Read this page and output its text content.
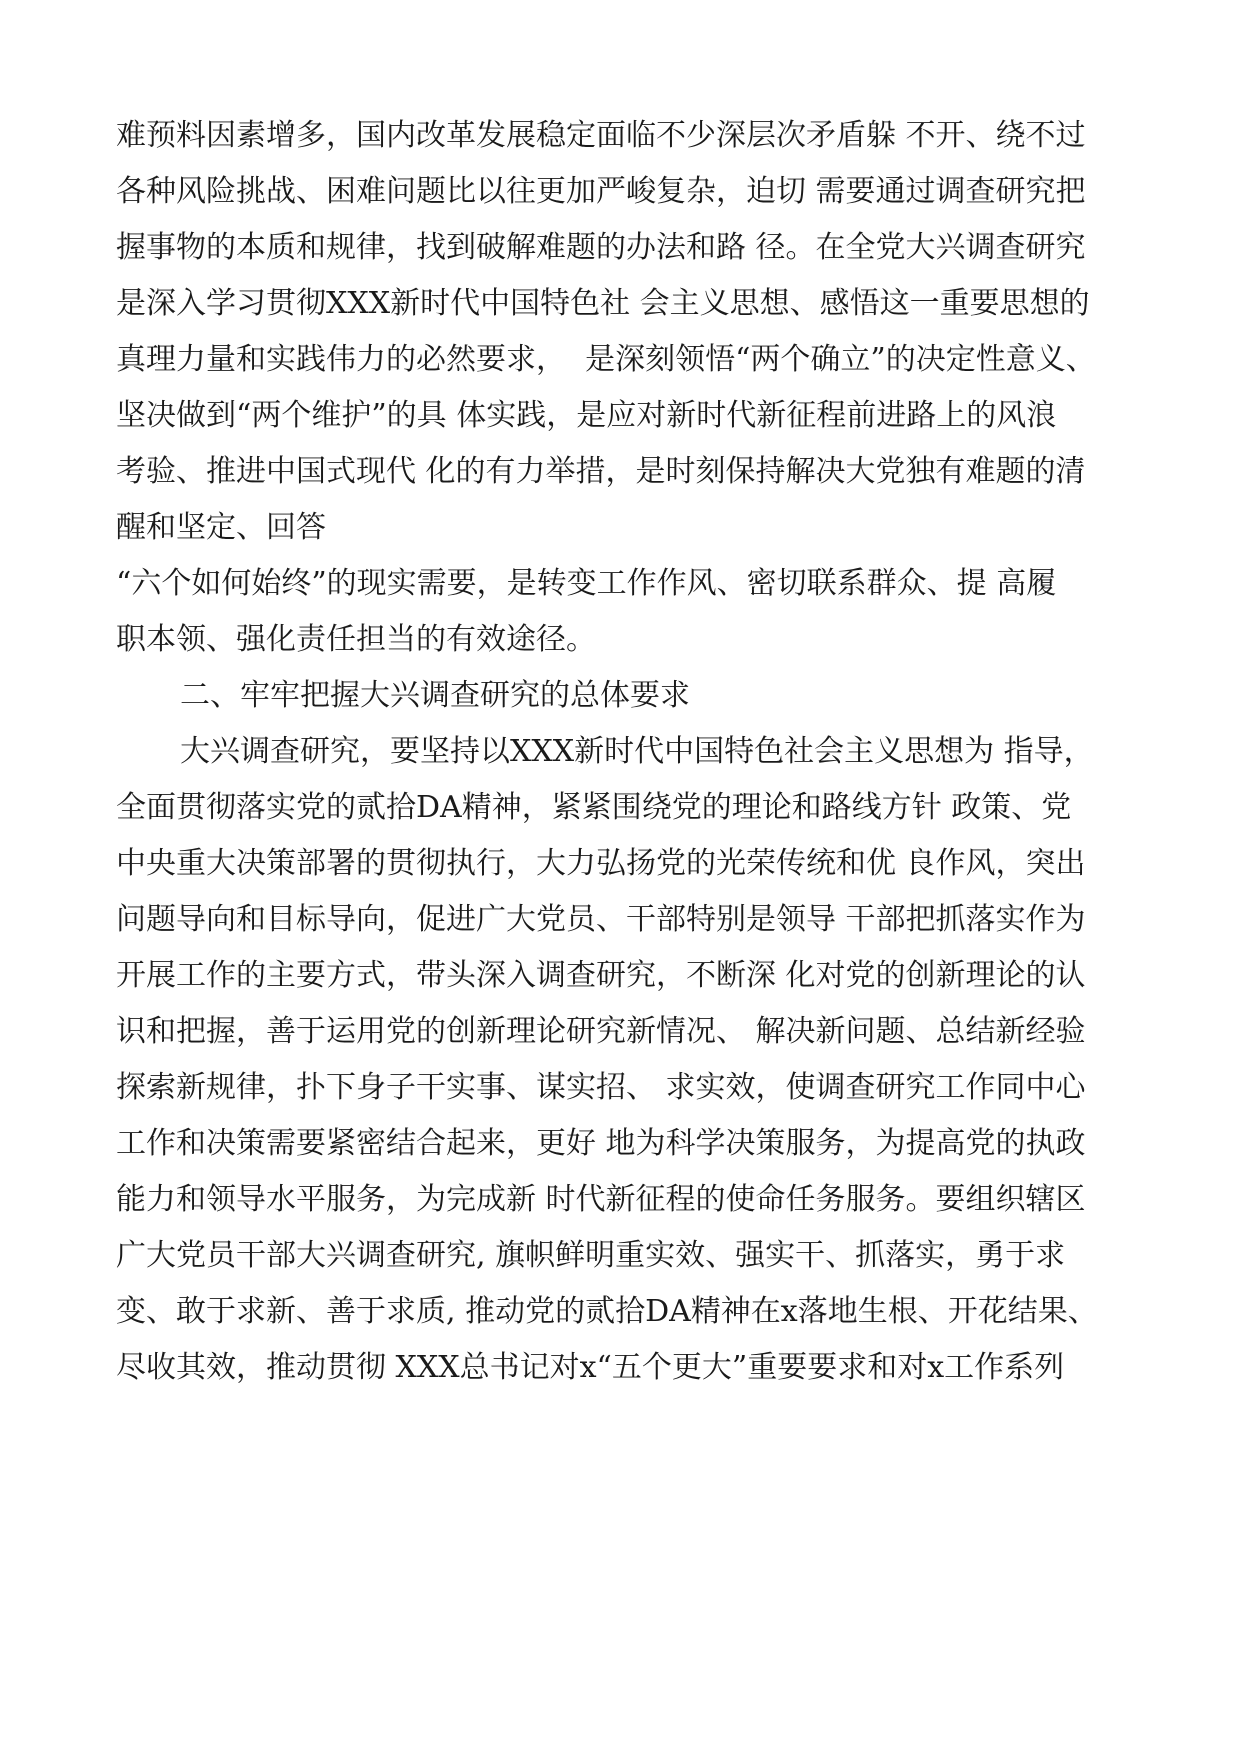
难预料因素增多，国内改革发展稳定面临不少深层次矛盾躲 不开、绕不过
各种风险挑战、困难问题比以往更加严峻复杂，迫切 需要通过调查研究把
握事物的本质和规律，找到破解难题的办法和路 径。在全党大兴调查研究
是深入学习贯彻XXX新时代中国特色社 会主义思想、感悟这一重要思想的
真理力量和实践伟力的必然要求，  是深刻领悟“两个确立”的决定性意义、
坚决做到“两个维护”的具 体实践，是应对新时代新征程前进路上的风浪
考验、推进中国式现代 化的有力举措，是时刻保持解决大党独有难题的清
醒和坚定、回答
“六个如何始终”的现实需要，是转变工作作风、密切联系群众、提 高履
职本领、强化责任担当的有效途径。
二、牢牢把握大兴调查研究的总体要求
大兴调查研究，要坚持以XXX新时代中国特色社会主义思想为 指导，
全面贯彻落实党的贰拾DA精神，紧紧围绕党的理论和路线方针 政策、党
中央重大决策部署的贯彻执行，大力弘扬党的光荣传统和优 良作风，突出
问题导向和目标导向，促进广大党员、干部特别是领导 干部把抓落实作为
开展工作的主要方式，带头深入调查研究，不断深 化对党的创新理论的认
识和把握，善于运用党的创新理论研究新情况、 解决新问题、总结新经验
探索新规律，扑下身子干实事、谋实招、 求实效，使调查研究工作同中心
工作和决策需要紧密结合起来，更好 地为科学决策服务，为提高党的执政
能力和领导水平服务，为完成新 时代新征程的使命任务服务。要组织辖区
广大党员干部大兴调查研究, 旗帜鲜明重实效、强实干、抓落实，勇于求
变、敢于求新、善于求质, 推动党的贰拾DA精神在x落地生根、开花结果、
尽收其效，推动贯彻 XXX总书记对x“五个更大”重要要求和对x工作系列
